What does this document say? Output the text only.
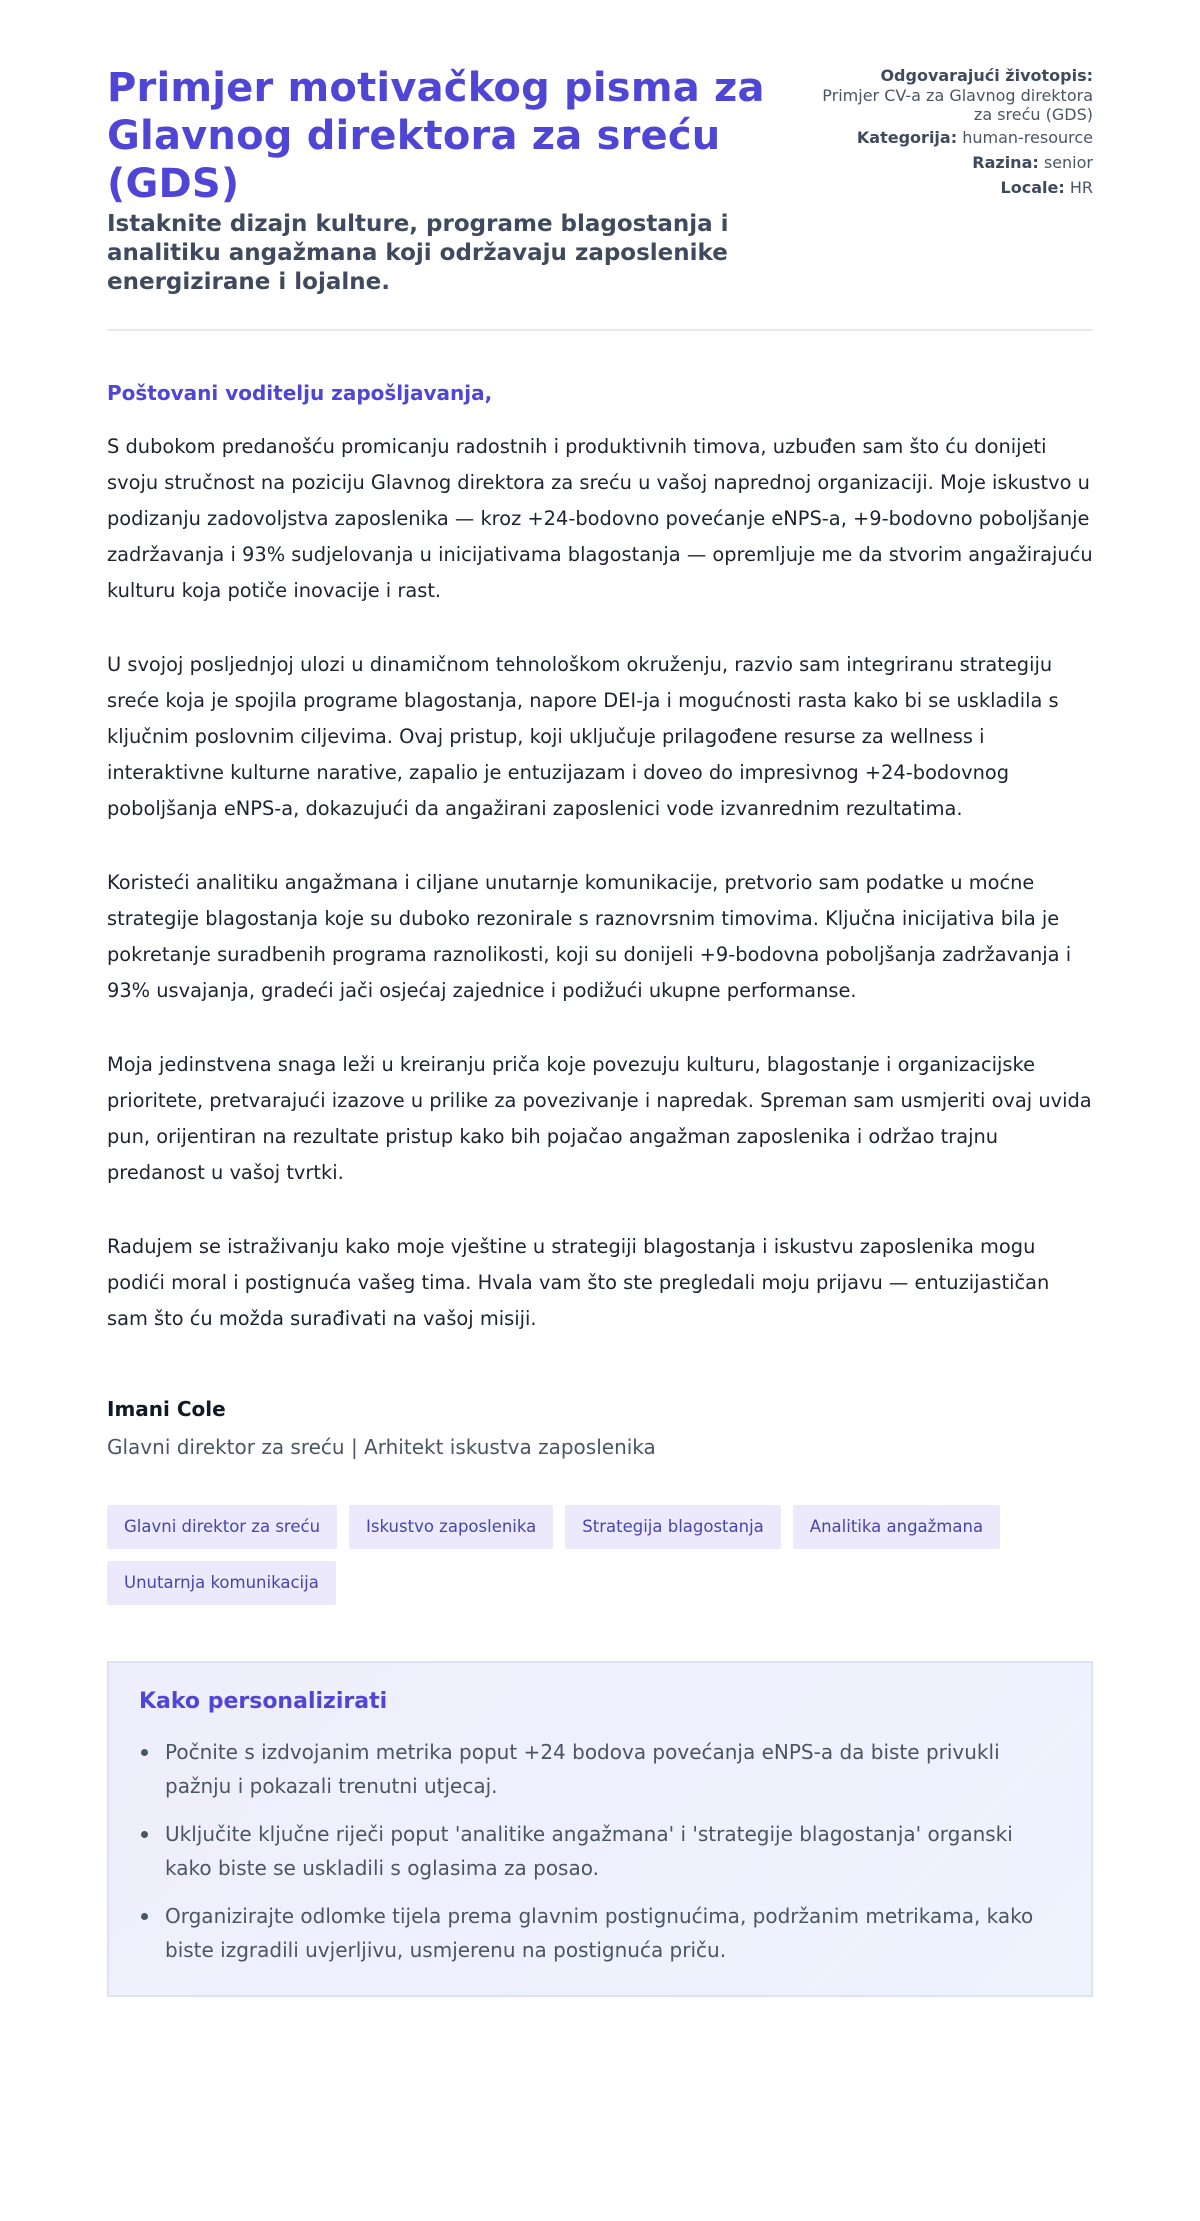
Primjer motivačkog pisma za Glavnog direktora za sreću (GDS)
Istaknite dizajn kulture, programe blagostanja i analitiku angažmana koji održavaju zaposlenike energizirane i lojalne.
Odgovarajući životopis:
Primjer CV-a za Glavnog direktora za sreću (GDS)
Kategorija: human-resource
Razina: senior
Locale: HR

Poštovani voditelju zapošljavanja,

S dubokom predanošću promicanju radostnih i produktivnih timova, uzbuđen sam što ću donijeti svoju stručnost na poziciju Glavnog direktora za sreću u vašoj naprednoj organizaciji. Moje iskustvo u podizanju zadovoljstva zaposlenika — kroz +24-bodovno povećanje eNPS-a, +9-bodovno poboljšanje zadržavanja i 93% sudjelovanja u inicijativama blagostanja — opremljuje me da stvorim angažirajuću kulturu koja potiče inovacije i rast.

U svojoj posljednjoj ulozi u dinamičnom tehnološkom okruženju, razvio sam integriranu strategiju sreće koja je spojila programe blagostanja, napore DEI-ja i mogućnosti rasta kako bi se uskladila s ključnim poslovnim ciljevima. Ovaj pristup, koji uključuje prilagođene resurse za wellness i interaktivne kulturne narative, zapalio je entuzijazam i doveo do impresivnog +24-bodovnog poboljšanja eNPS-a, dokazujući da angažirani zaposlenici vode izvanrednim rezultatima.

Koristeći analitiku angažmana i ciljane unutarnje komunikacije, pretvorio sam podatke u moćne strategije blagostanja koje su duboko rezonirale s raznovrsnim timovima. Ključna inicijativa bila je pokretanje suradbenih programa raznolikosti, koji su donijeli +9-bodovna poboljšanja zadržavanja i 93% usvajanja, gradeći jači osjećaj zajednice i podižući ukupne performanse.

Moja jedinstvena snaga leži u kreiranju priča koje povezuju kulturu, blagostanje i organizacijske prioritete, pretvarajući izazove u prilike za povezivanje i napredak. Spreman sam usmjeriti ovaj uvida pun, orijentiran na rezultate pristup kako bih pojačao angažman zaposlenika i održao trajnu predanost u vašoj tvrtki.

Radujem se istraživanju kako moje vještine u strategiji blagostanja i iskustvu zaposlenika mogu podići moral i postignuća vašeg tima. Hvala vam što ste pregledali moju prijavu — entuzijastičan sam što ću možda surađivati na vašoj misiji.

Imani Cole
Glavni direktor za sreću | Arhitekt iskustva zaposlenika
Glavni direktor za sreću	Iskustvo zaposlenika	Strategija blagostanja	Analitika angažmana
Unutarnja komunikacija
Kako personalizirati
Počnite s izdvojanim metrika poput +24 bodova povećanja eNPS-a da biste privukli pažnju i pokazali trenutni utjecaj.
Uključite ključne riječi poput 'analitike angažmana' i 'strategije blagostanja' organski kako biste se uskladili s oglasima za posao.
Organizirajte odlomke tijela prema glavnim postignućima, podržanim metrikama, kako biste izgradili uvjerljivu, usmjerenu na postignuća priču.
